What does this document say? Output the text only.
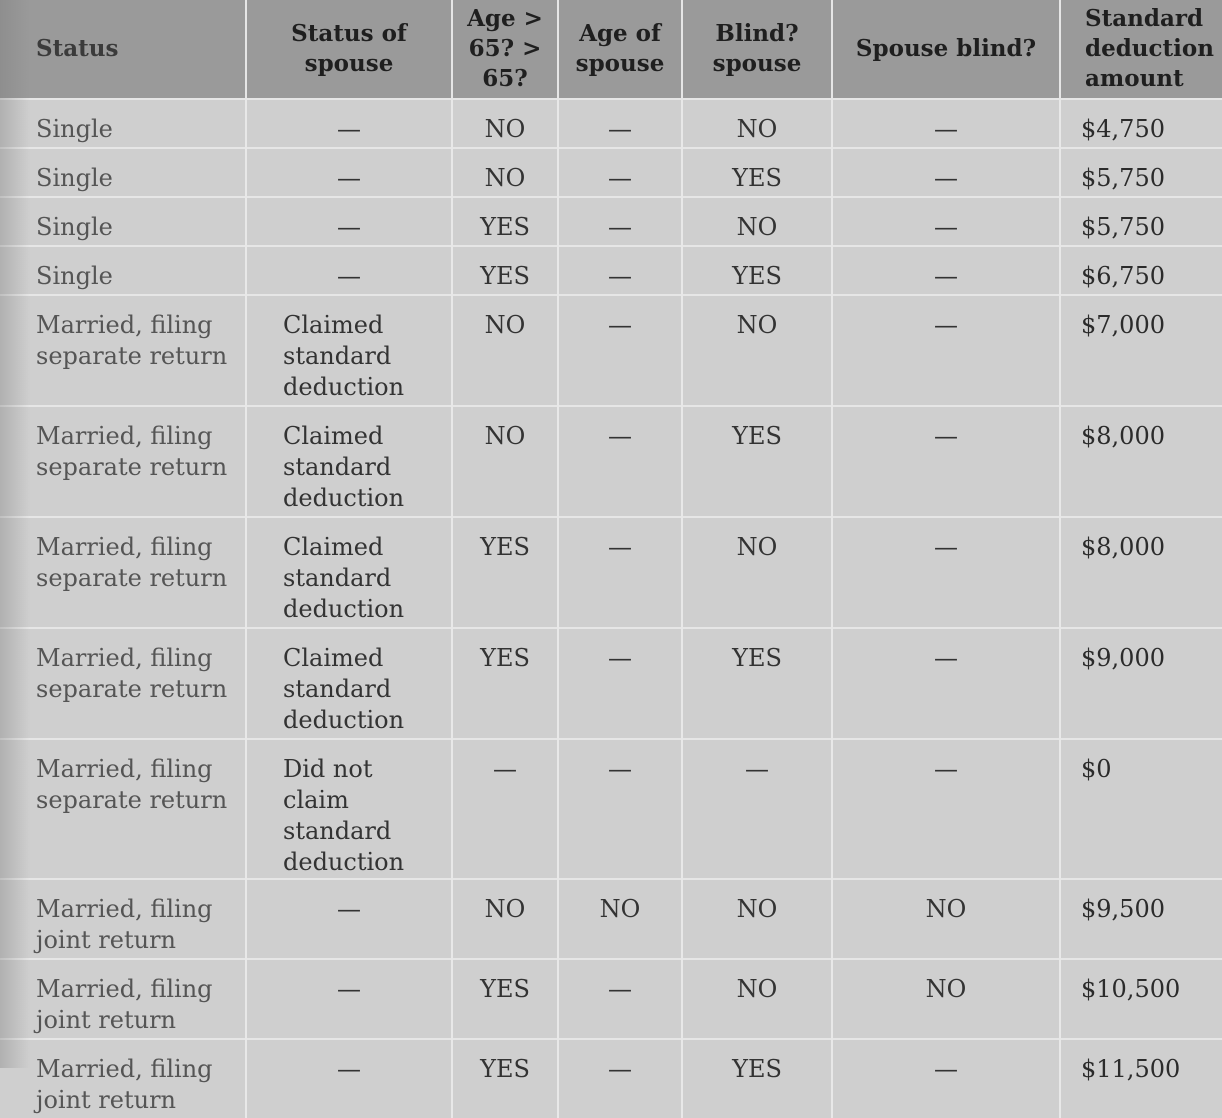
Status	Status of spouse	Age > 65? > 65?	Age of spouse	Blind? spouse	Spouse blind?	Standard deduction amount
Single	—	NO	—	NO	—	$4,750
Single	—	NO	—	YES	—	$5,750
Single	—	YES	—	NO	—	$5,750
Single	—	YES	—	YES	—	$6,750
Married, filing separate return	Claimed standard deduction	NO	—	NO	—	$7,000
Married, filing separate return	Claimed standard deduction	NO	—	YES	—	$8,000
Married, filing separate return	Claimed standard deduction	YES	—	NO	—	$8,000
Married, filing separate return	Claimed standard deduction	YES	—	YES	—	$9,000
Married, filing separate return	Did not claim standard deduction	—	—	—	—	$0
Married, filing joint return	—	NO	NO	NO	NO	$9,500
Married, filing joint return	—	YES	—	NO	NO	$10,500
Married, filing joint return	—	YES	—	YES	—	$11,500
